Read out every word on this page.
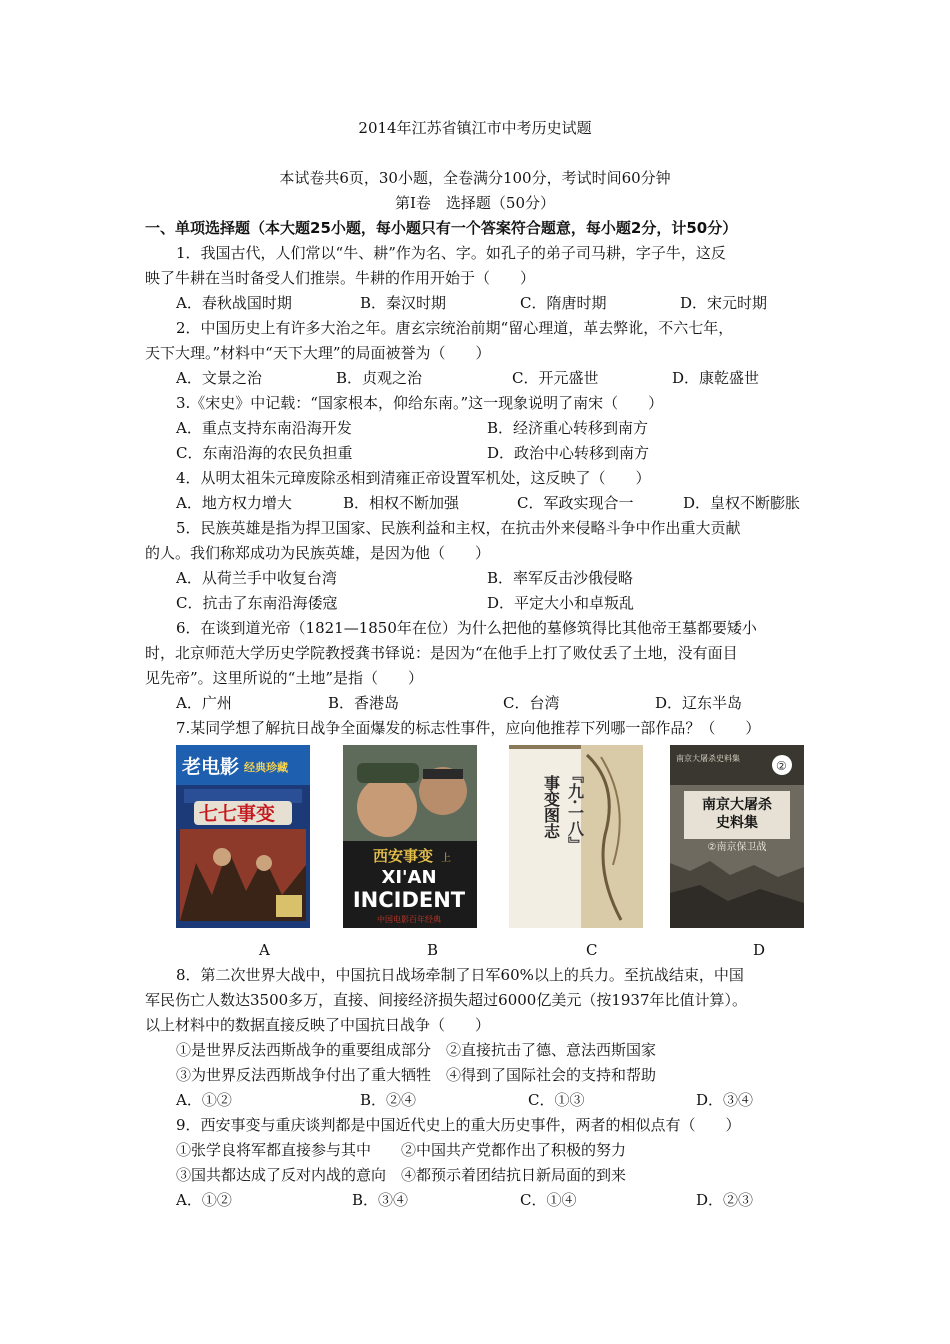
2014年江苏省镇江市中考历史试题
本试卷共6页，30小题，全卷满分100分，考试时间60分钟
第Ⅰ卷　选择题（50分）
一、单项选择题（本大题25小题，每小题只有一个答案符合题意，每小题2分，计50分）
1．我国古代，人们常以“牛、耕”作为名、字。如孔子的弟子司马耕，字子牛，这反
映了牛耕在当时备受人们推崇。牛耕的作用开始于（　　）
A．春秋战国时期	B．秦汉时期	C．隋唐时期	D．宋元时期
2．中国历史上有许多大治之年。唐玄宗统治前期“留心理道，革去弊讹，不六七年，
天下大理。”材料中“天下大理”的局面被誉为（　　）
A．文景之治	B．贞观之治	C．开元盛世	D．康乾盛世
3.《宋史》中记载：“国家根本，仰给东南。”这一现象说明了南宋（　　）
A．重点支持东南沿海开发	B．经济重心转移到南方
C．东南沿海的农民负担重	D．政治中心转移到南方
4．从明太祖朱元璋废除丞相到清雍正帝设置军机处，这反映了（　　）
A．地方权力增大	B．相权不断加强	C．军政实现合一	D．皇权不断膨胀
5．民族英雄是指为捍卫国家、民族利益和主权，在抗击外来侵略斗争中作出重大贡献
的人。我们称郑成功为民族英雄，是因为他（　　）
A．从荷兰手中收复台湾	B．率军反击沙俄侵略
C．抗击了东南沿海倭寇	D．平定大小和卓叛乱
6．在谈到道光帝（1821—1850年在位）为什么把他的墓修筑得比其他帝王墓都要矮小
时，北京师范大学历史学院教授龚书铎说：是因为“在他手上打了败仗丢了土地，没有面目
见先帝”。这里所说的“土地”是指（　　）
A．广州	B．香港岛	C．台湾	D．辽东半岛
7.某同学想了解抗日战争全面爆发的标志性事件，应向他推荐下列哪一部作品？（　　）
老电影 经典珍藏
七七事变
西安事变 上
XI'AN
INCIDENT
中国电影百年经典
事变图志 『九·一八』
南京大屠杀史料集
②
南京大屠杀
史料集
②南京保卫战
A	B	C	D
8．第二次世界大战中，中国抗日战场牵制了日军60%以上的兵力。至抗战结束，中国
军民伤亡人数达3500多万，直接、间接经济损失超过6000亿美元（按1937年比值计算）。
以上材料中的数据直接反映了中国抗日战争（　　）
①是世界反法西斯战争的重要组成部分　②直接抗击了德、意法西斯国家
③为世界反法西斯战争付出了重大牺牲　④得到了国际社会的支持和帮助
A．①②	B．②④	C．①③	D．③④
9．西安事变与重庆谈判都是中国近代史上的重大历史事件，两者的相似点有（　　）
①张学良将军都直接参与其中　　②中国共产党都作出了积极的努力
③国共都达成了反对内战的意向　④都预示着团结抗日新局面的到来
A．①②	B．③④	C．①④	D．②③
